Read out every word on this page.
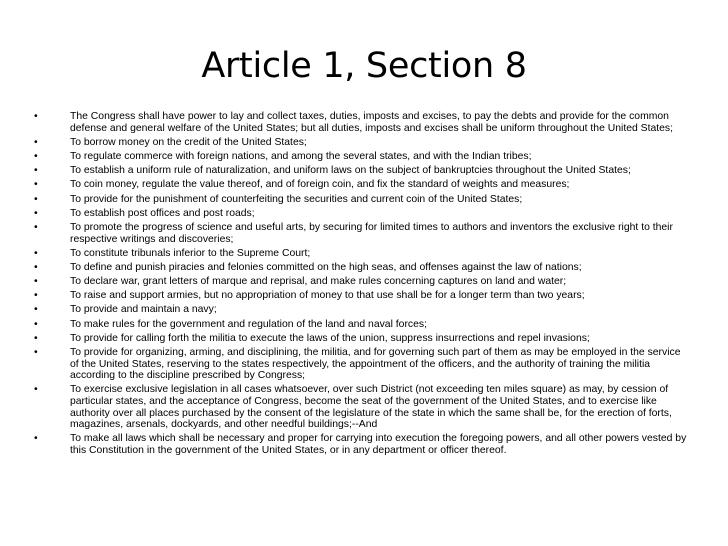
Article 1, Section 8
•	The Congress shall have power to lay and collect taxes, duties, imposts and excises, to pay the debts and provide for the common defense and general welfare of the United States; but all duties, imposts and excises shall be uniform throughout the United States;
•	To borrow money on the credit of the United States;
•	To regulate commerce with foreign nations, and among the several states, and with the Indian tribes;
•	To establish a uniform rule of naturalization, and uniform laws on the subject of bankruptcies throughout the United States;
•	To coin money, regulate the value thereof, and of foreign coin, and fix the standard of weights and measures;
•	To provide for the punishment of counterfeiting the securities and current coin of the United States;
•	To establish post offices and post roads;
•	To promote the progress of science and useful arts, by securing for limited times to authors and inventors the exclusive right to their respective writings and discoveries;
•	To constitute tribunals inferior to the Supreme Court;
•	To define and punish piracies and felonies committed on the high seas, and offenses against the law of nations;
•	To declare war, grant letters of marque and reprisal, and make rules concerning captures on land and water;
•	To raise and support armies, but no appropriation of money to that use shall be for a longer term than two years;
•	To provide and maintain a navy;
•	To make rules for the government and regulation of the land and naval forces;
•	To provide for calling forth the militia to execute the laws of the union, suppress insurrections and repel invasions;
•	To provide for organizing, arming, and disciplining, the militia, and for governing such part of them as may be employed in the service of the United States, reserving to the states respectively, the appointment of the officers, and the authority of training the militia according to the discipline prescribed by Congress;
•	To exercise exclusive legislation in all cases whatsoever, over such District (not exceeding ten miles square) as may, by cession of particular states, and the acceptance of Congress, become the seat of the government of the United States, and to exercise like authority over all places purchased by the consent of the legislature of the state in which the same shall be, for the erection of forts, magazines, arsenals, dockyards, and other needful buildings;--And
•	To make all laws which shall be necessary and proper for carrying into execution the foregoing powers, and all other powers vested by this Constitution in the government of the United States, or in any department or officer thereof.
